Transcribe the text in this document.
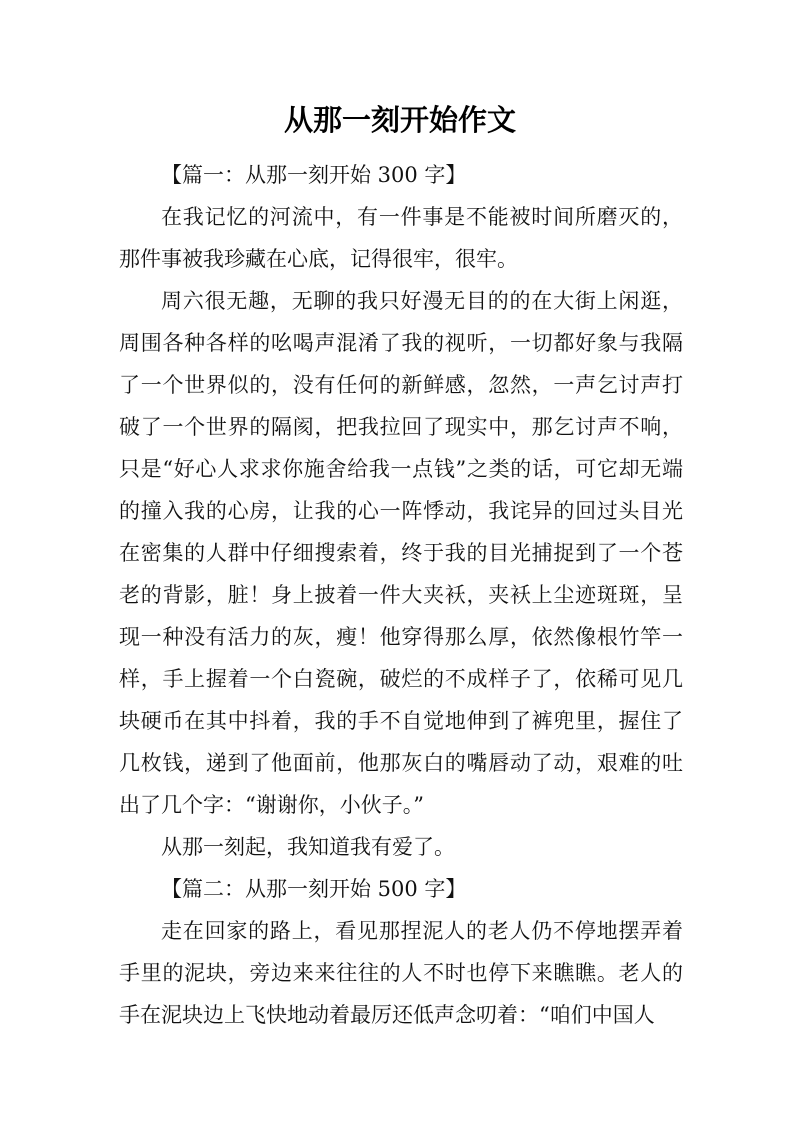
从那一刻开始作文

【篇一：从那一刻开始 300 字】

在我记忆的河流中，有一件事是不能被时间所磨灭的，那件事被我珍藏在心底，记得很牢，很牢。

周六很无趣，无聊的我只好漫无目的的在大街上闲逛，周围各种各样的吆喝声混淆了我的视听，一切都好象与我隔了一个世界似的，没有任何的新鲜感，忽然，一声乞讨声打破了一个世界的隔阂，把我拉回了现实中，那乞讨声不响，只是“好心人求求你施舍给我一点钱”之类的话，可它却无端的撞入我的心房，让我的心一阵悸动，我诧异的回过头目光在密集的人群中仔细搜索着，终于我的目光捕捉到了一个苍老的背影，脏！身上披着一件大夹袄，夹袄上尘迹斑斑，呈现一种没有活力的灰，瘦！他穿得那么厚，依然像根竹竿一样，手上握着一个白瓷碗，破烂的不成样子了，依稀可见几块硬币在其中抖着，我的手不自觉地伸到了裤兜里，握住了几枚钱，递到了他面前，他那灰白的嘴唇动了动，艰难的吐出了几个字：“谢谢你，小伙子。”

从那一刻起，我知道我有爱了。

【篇二：从那一刻开始 500 字】

走在回家的路上，看见那捏泥人的老人仍不停地摆弄着手里的泥块，旁边来来往往的人不时也停下来瞧瞧。老人的手在泥块边上飞快地动着最厉还低声念叨着：“咱们中国人
